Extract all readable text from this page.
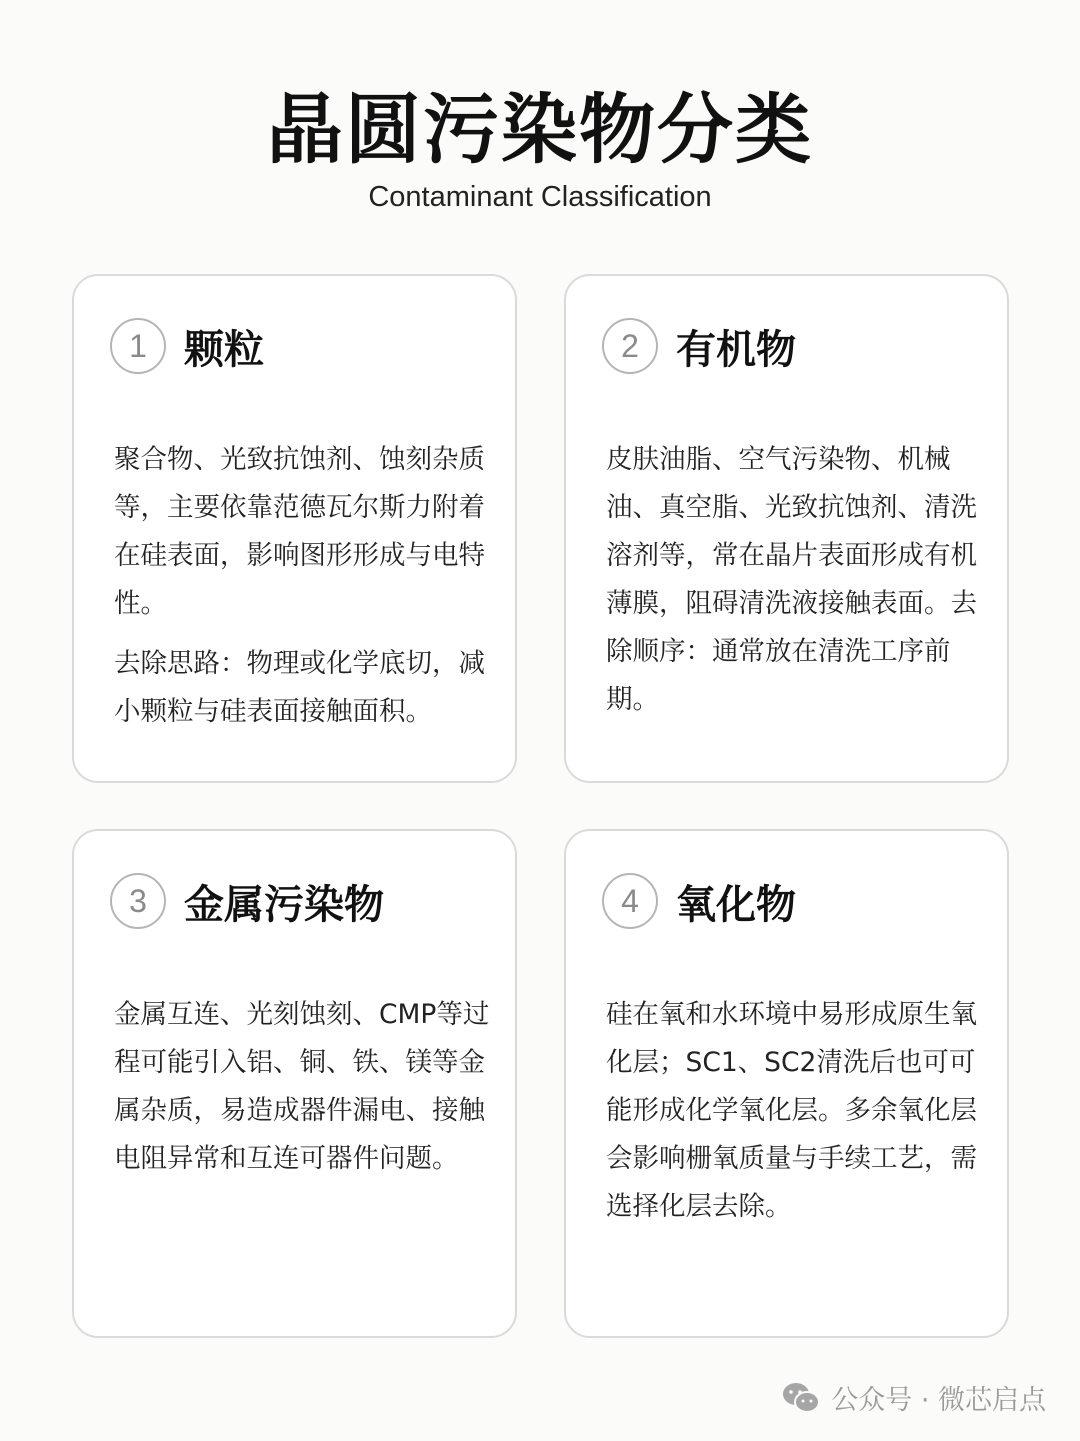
晶圆污染物分类
Contaminant Classification
1 颗粒

聚合物、光致抗蚀剂、蚀刻杂质等，主要依靠范德瓦尔斯力附着在硅表面，影响图形形成与电特性。

去除思路：物理或化学底切，减小颗粒与硅表面接触面积。

2 有机物

皮肤油脂、空气污染物、机械油、真空脂、光致抗蚀剂、清洗溶剂等，常在晶片表面形成有机薄膜，阻碍清洗液接触表面。去除顺序：通常放在清洗工序前期。

3 金属污染物

金属互连、光刻蚀刻、CMP等过程可能引入铝、铜、铁、镁等金属杂质，易造成器件漏电、接触电阻异常和互连可器件问题。

4 氧化物

硅在氧和水环境中易形成原生氧化层；SC1、SC2清洗后也可可能形成化学氧化层。多余氧化层会影响栅氧质量与手续工艺，需选择化层去除。

公众号 · 微芯启点
